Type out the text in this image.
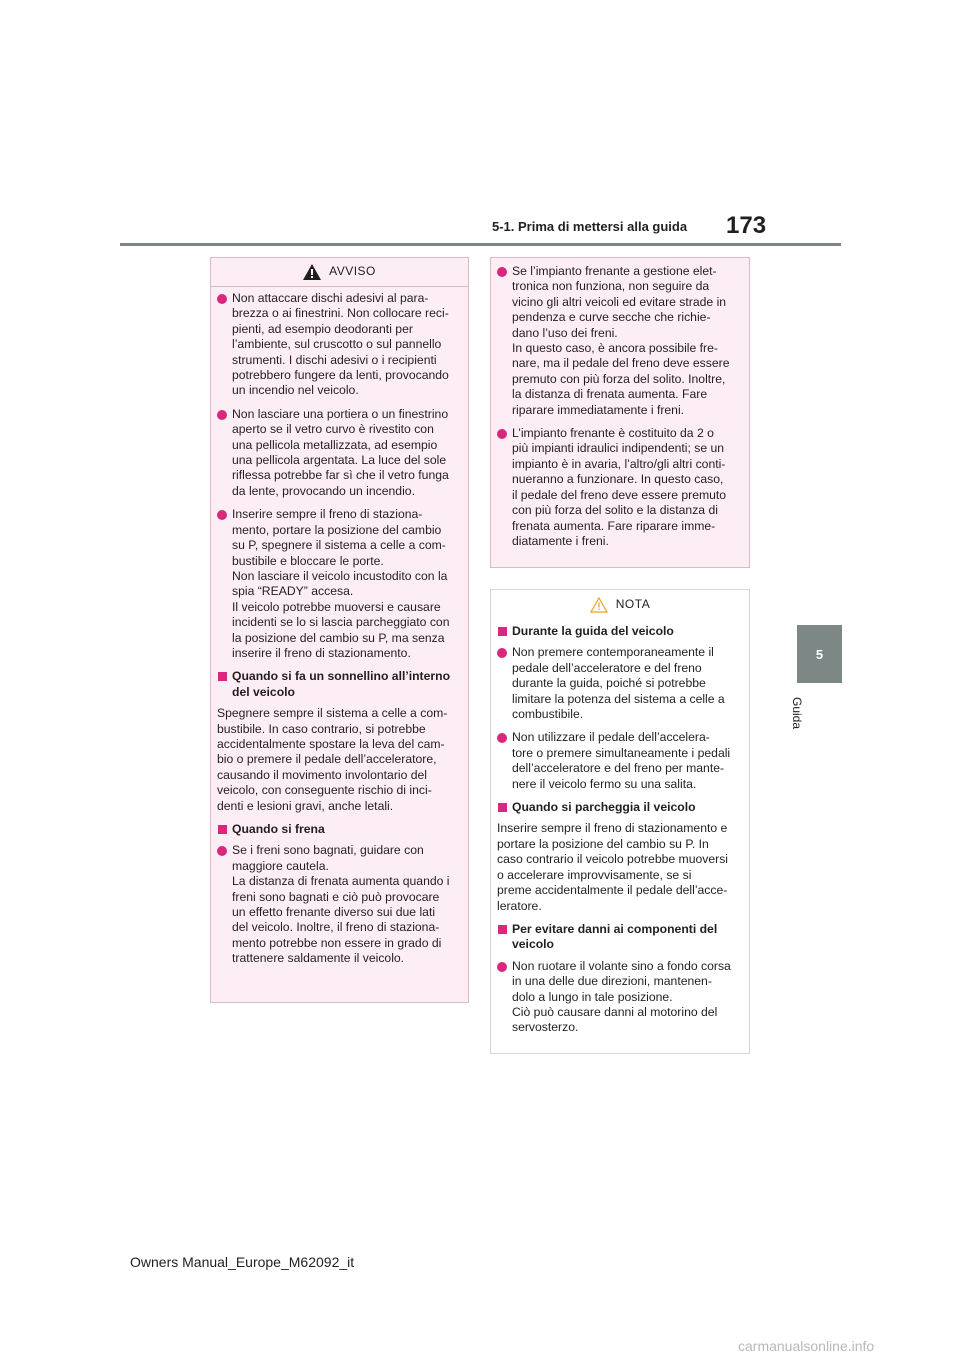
5-1. Prima di mettersi alla guida 173
5
Guida
AVVISO
Non attaccare dischi adesivi al para-
brezza o ai finestrini. Non collocare reci-
pienti, ad esempio deodoranti per
l’ambiente, sul cruscotto o sul pannello
strumenti. I dischi adesivi o i recipienti
potrebbero fungere da lenti, provocando
un incendio nel veicolo.
Non lasciare una portiera o un finestrino
aperto se il vetro curvo è rivestito con
una pellicola metallizzata, ad esempio
una pellicola argentata. La luce del sole
riflessa potrebbe far sì che il vetro funga
da lente, provocando un incendio.
Inserire sempre il freno di staziona-
mento, portare la posizione del cambio
su P, spegnere il sistema a celle a com-
bustibile e bloccare le porte.
Non lasciare il veicolo incustodito con la
spia “READY” accesa.
Il veicolo potrebbe muoversi e causare
incidenti se lo si lascia parcheggiato con
la posizione del cambio su P, ma senza
inserire il freno di stazionamento.
Quando si fa un sonnellino all’interno
del veicolo
Spegnere sempre il sistema a celle a com-
bustibile. In caso contrario, si potrebbe
accidentalmente spostare la leva del cam-
bio o premere il pedale dell’acceleratore,
causando il movimento involontario del
veicolo, con conseguente rischio di inci-
denti e lesioni gravi, anche letali.
Quando si frena
Se i freni sono bagnati, guidare con
maggiore cautela.
La distanza di frenata aumenta quando i
freni sono bagnati e ciò può provocare
un effetto frenante diverso sui due lati
del veicolo. Inoltre, il freno di staziona-
mento potrebbe non essere in grado di
trattenere saldamente il veicolo.
Se l’impianto frenante a gestione elet-
tronica non funziona, non seguire da
vicino gli altri veicoli ed evitare strade in
pendenza e curve secche che richie-
dano l’uso dei freni.
In questo caso, è ancora possibile fre-
nare, ma il pedale del freno deve essere
premuto con più forza del solito. Inoltre,
la distanza di frenata aumenta. Fare
riparare immediatamente i freni.
L’impianto frenante è costituito da 2 o
più impianti idraulici indipendenti; se un
impianto è in avaria, l’altro/gli altri conti-
nueranno a funzionare. In questo caso,
il pedale del freno deve essere premuto
con più forza del solito e la distanza di
frenata aumenta. Fare riparare imme-
diatamente i freni.
NOTA
Durante la guida del veicolo
Non premere contemporaneamente il
pedale dell’acceleratore e del freno
durante la guida, poiché si potrebbe
limitare la potenza del sistema a celle a
combustibile.
Non utilizzare il pedale dell’accelera-
tore o premere simultaneamente i pedali
dell’acceleratore e del freno per mante-
nere il veicolo fermo su una salita.
Quando si parcheggia il veicolo
Inserire sempre il freno di stazionamento e
portare la posizione del cambio su P. In
caso contrario il veicolo potrebbe muoversi
o accelerare improvvisamente, se si
preme accidentalmente il pedale dell’acce-
leratore.
Per evitare danni ai componenti del
veicolo
Non ruotare il volante sino a fondo corsa
in una delle due direzioni, mantenen-
dolo a lungo in tale posizione.
Ciò può causare danni al motorino del
servosterzo.
Owners Manual_Europe_M62092_it
carmanualsonline.info
